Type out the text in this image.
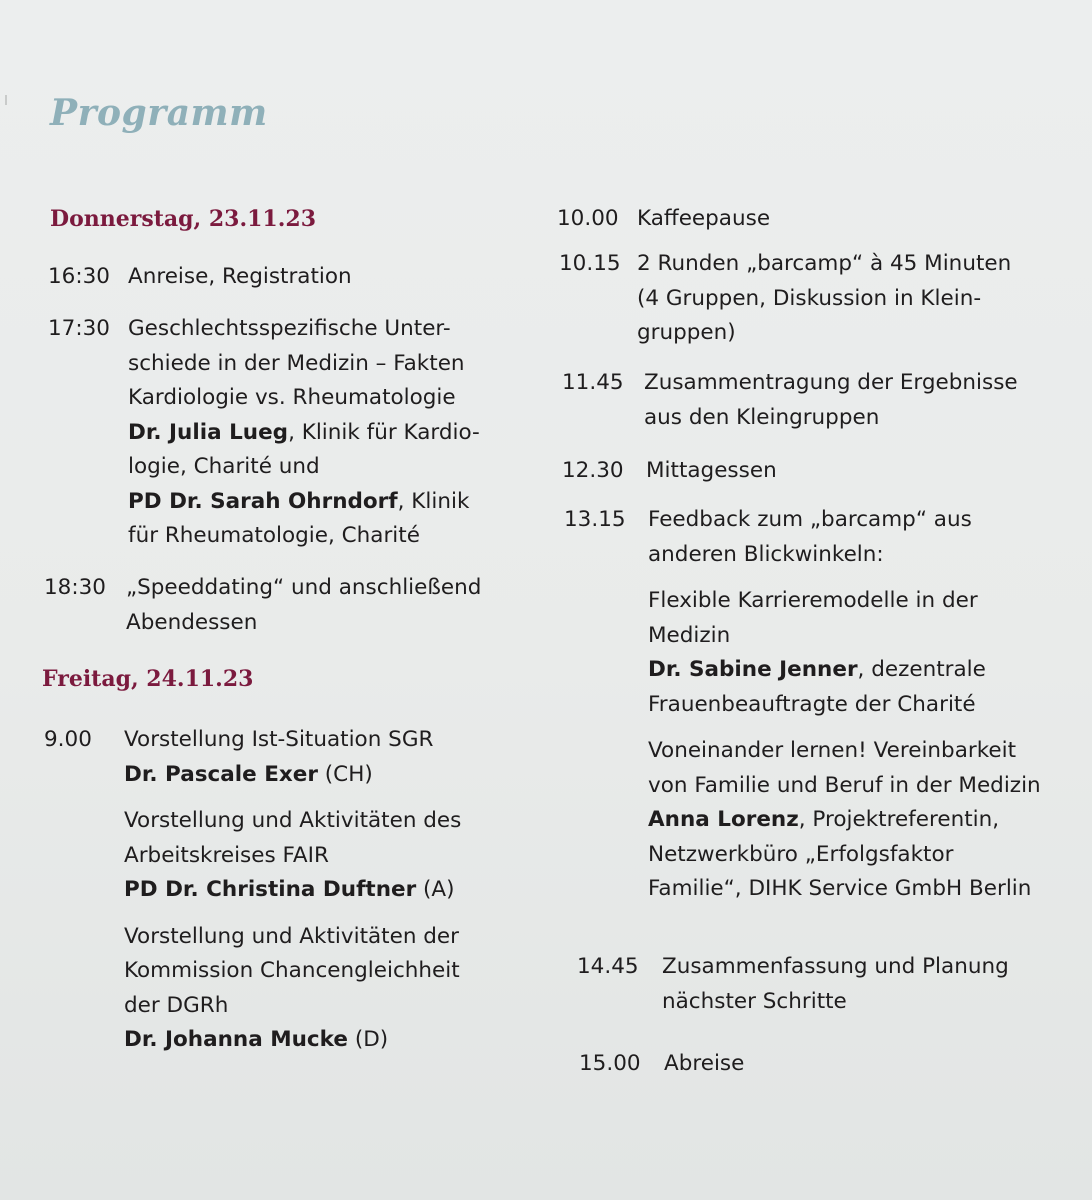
Programm
Donnerstag, 23.11.23
Freitag, 24.11.23
16:30 Anreise, Registration
17:30 Geschlechtsspezifische Unter-
schiede in der Medizin – Fakten
Kardiologie vs. Rheumatologie
Dr. Julia Lueg, Klinik für Kardio-
logie, Charité und
PD Dr. Sarah Ohrndorf, Klinik
für Rheumatologie, Charité
18:30 „Speeddating“ und anschließend
Abendessen
9.00 Vorstellung Ist-Situation SGR
Dr. Pascale Exer (CH)
Vorstellung und Aktivitäten des
Arbeitskreises FAIR
PD Dr. Christina Duftner (A)
Vorstellung und Aktivitäten der
Kommission Chancengleichheit
der DGRh
Dr. Johanna Mucke (D)
10.00 Kaffeepause
10.15 2 Runden „barcamp“ à 45 Minuten
(4 Gruppen, Diskussion in Klein-
gruppen)
11.45 Zusammentragung der Ergebnisse
aus den Kleingruppen
12.30 Mittagessen
13.15 Feedback zum „barcamp“ aus
anderen Blickwinkeln:
Flexible Karrieremodelle in der
Medizin
Dr. Sabine Jenner, dezentrale
Frauenbeauftragte der Charité
Voneinander lernen! Vereinbarkeit
von Familie und Beruf in der Medizin
Anna Lorenz, Projektreferentin,
Netzwerkbüro „Erfolgsfaktor
Familie“, DIHK Service GmbH Berlin
14.45 Zusammenfassung und Planung
nächster Schritte
15.00 Abreise
